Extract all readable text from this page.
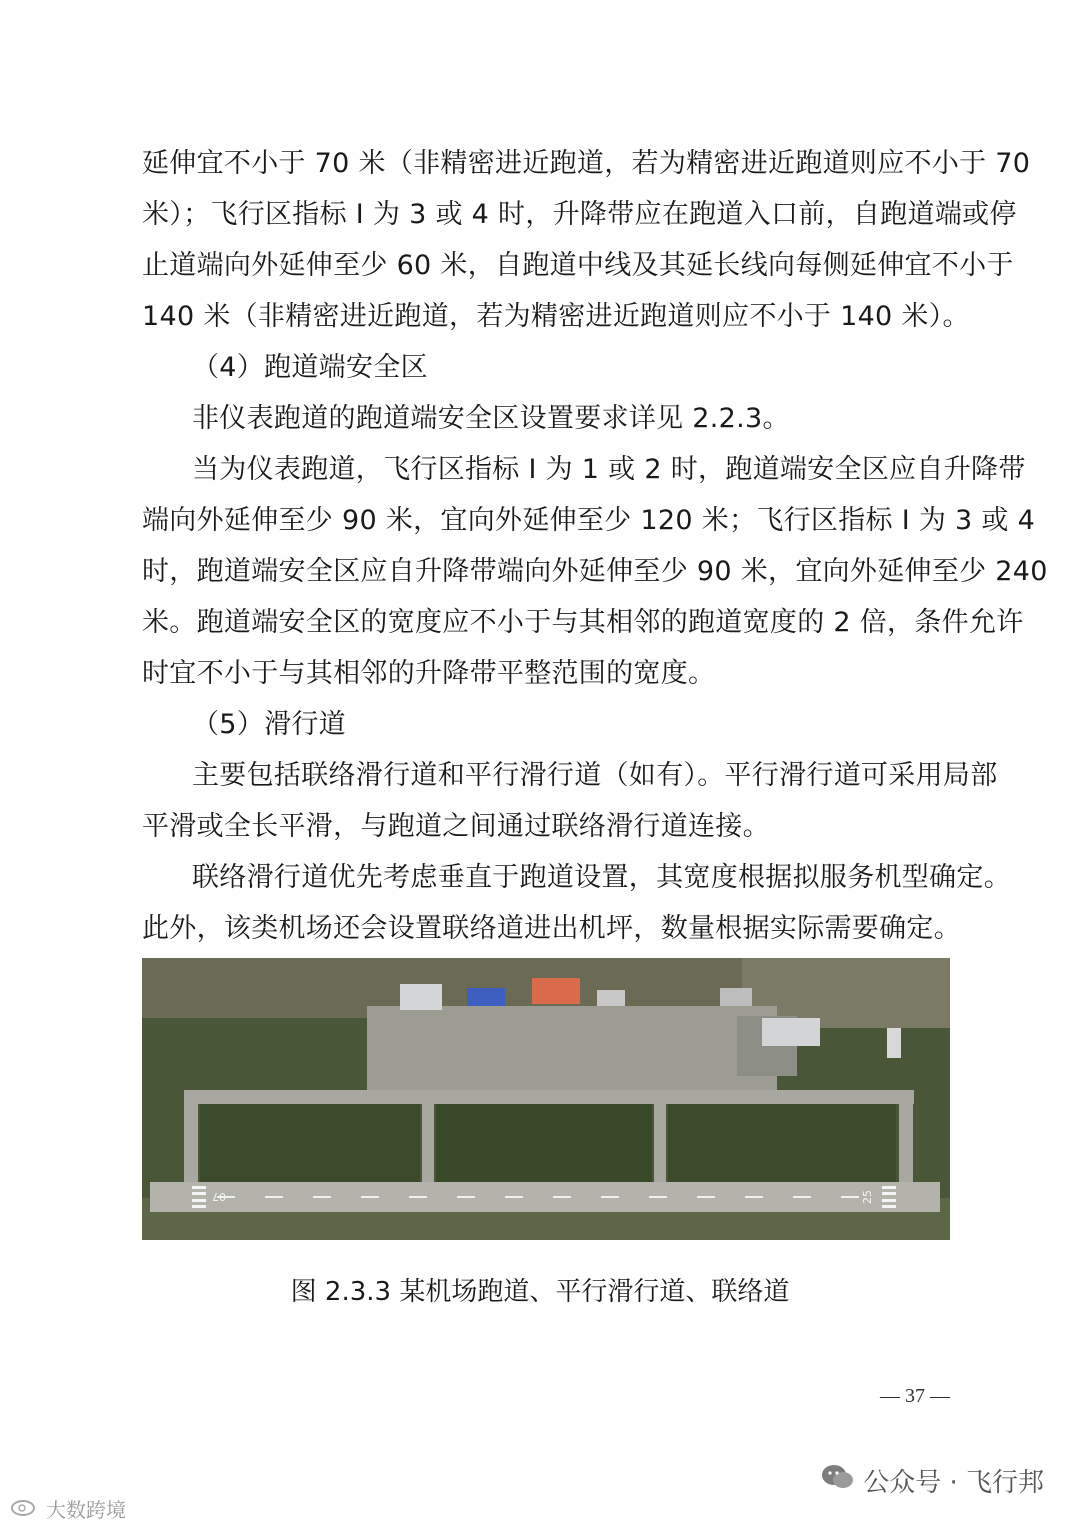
延伸宜不小于 70 米（非精密进近跑道，若为精密进近跑道则应不小于 70
米）；飞行区指标 I 为 3 或 4 时，升降带应在跑道入口前，自跑道端或停
止道端向外延伸至少 60 米，自跑道中线及其延长线向每侧延伸宜不小于
140 米（非精密进近跑道，若为精密进近跑道则应不小于 140 米）。
（4）跑道端安全区
非仪表跑道的跑道端安全区设置要求详见 2.2.3。
当为仪表跑道，飞行区指标 I 为 1 或 2 时，跑道端安全区应自升降带
端向外延伸至少 90 米，宜向外延伸至少 120 米；飞行区指标 I 为 3 或 4
时，跑道端安全区应自升降带端向外延伸至少 90 米，宜向外延伸至少 240
米。跑道端安全区的宽度应不小于与其相邻的跑道宽度的 2 倍，条件允许
时宜不小于与其相邻的升降带平整范围的宽度。
（5）滑行道
主要包括联络滑行道和平行滑行道（如有）。平行滑行道可采用局部
平滑或全长平滑，与跑道之间通过联络滑行道连接。
联络滑行道优先考虑垂直于跑道设置，其宽度根据拟服务机型确定。
此外，该类机场还会设置联络道进出机坪，数量根据实际需要确定。
07	25
图 2.3.3 某机场跑道、平行滑行道、联络道
— 37 —
公众号 · 飞行邦
大数跨境
